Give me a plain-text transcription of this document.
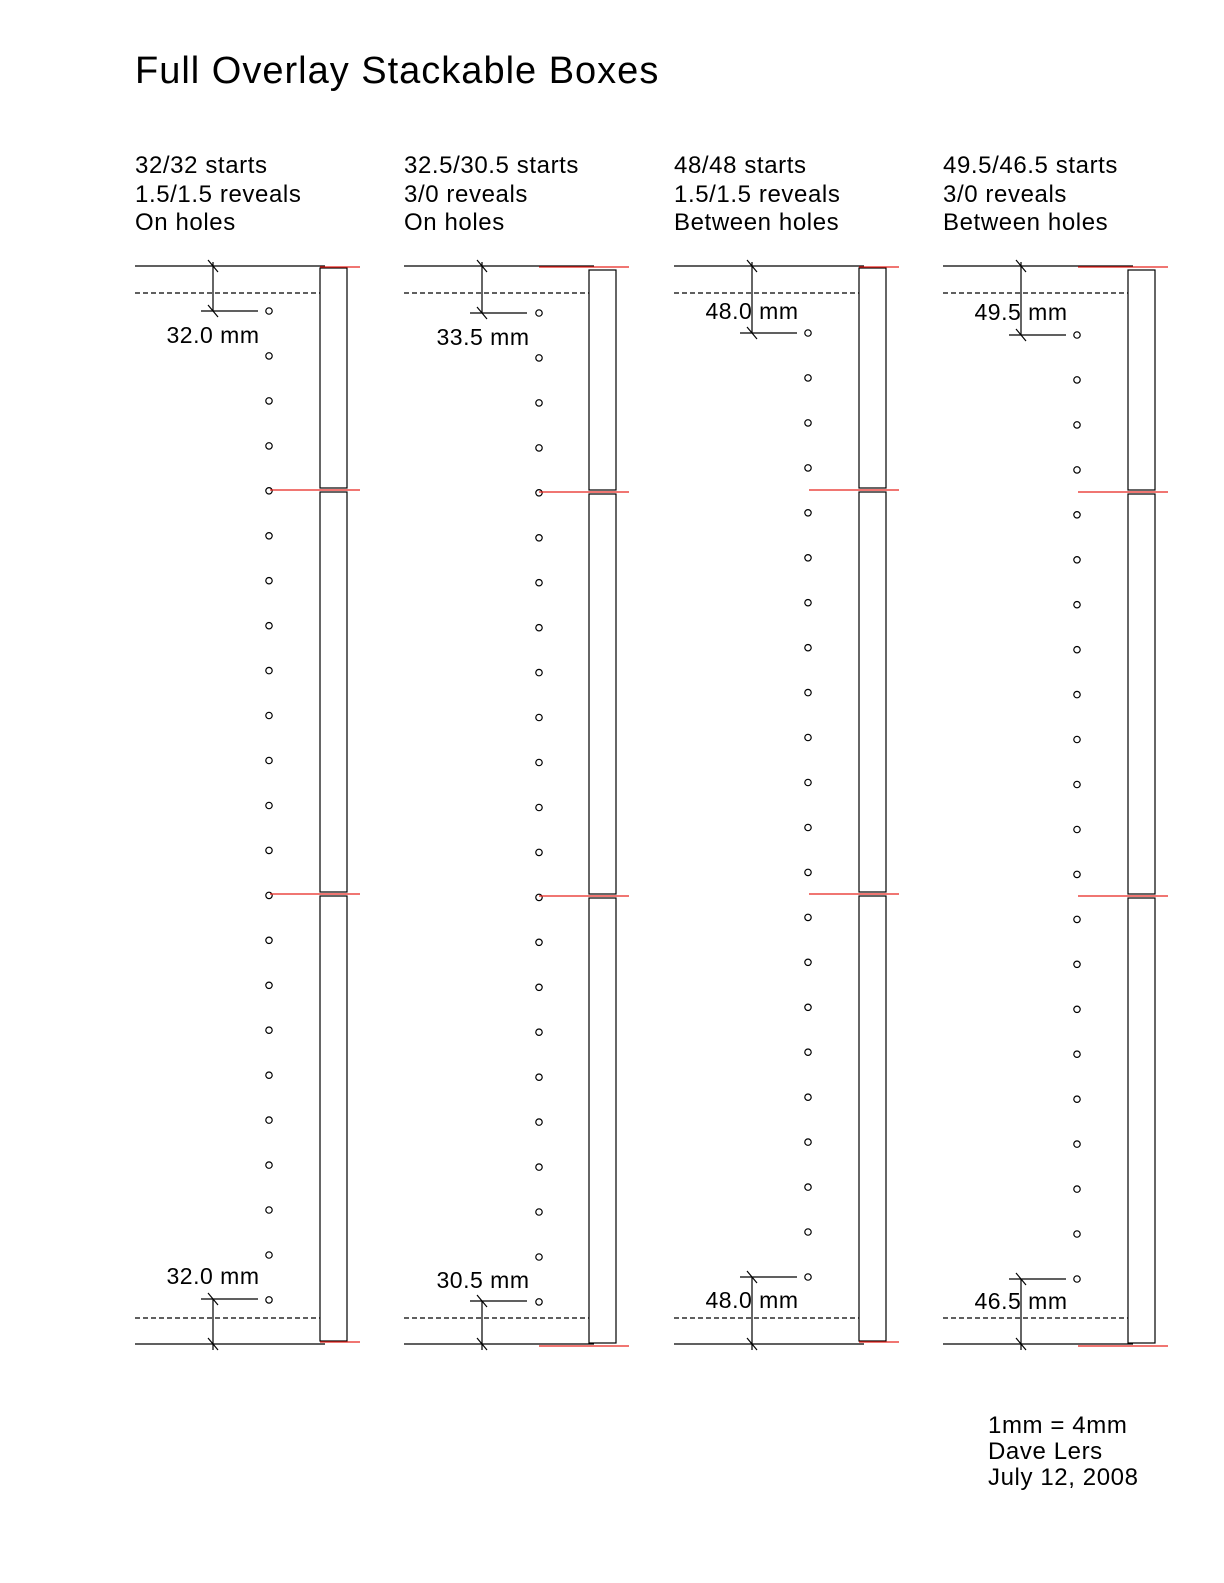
Full Overlay Stackable Boxes
32/32 starts
1.5/1.5 reveals
On holes
32.5/30.5 starts
3/0 reveals
On holes
48/48 starts
1.5/1.5 reveals
Between holes
49.5/46.5 starts
3/0 reveals
Between holes
32.0 mm
32.0 mm
33.5 mm
30.5 mm
48.0 mm
48.0 mm
49.5 mm
46.5 mm
1mm = 4mm
Dave Lers
July 12, 2008
